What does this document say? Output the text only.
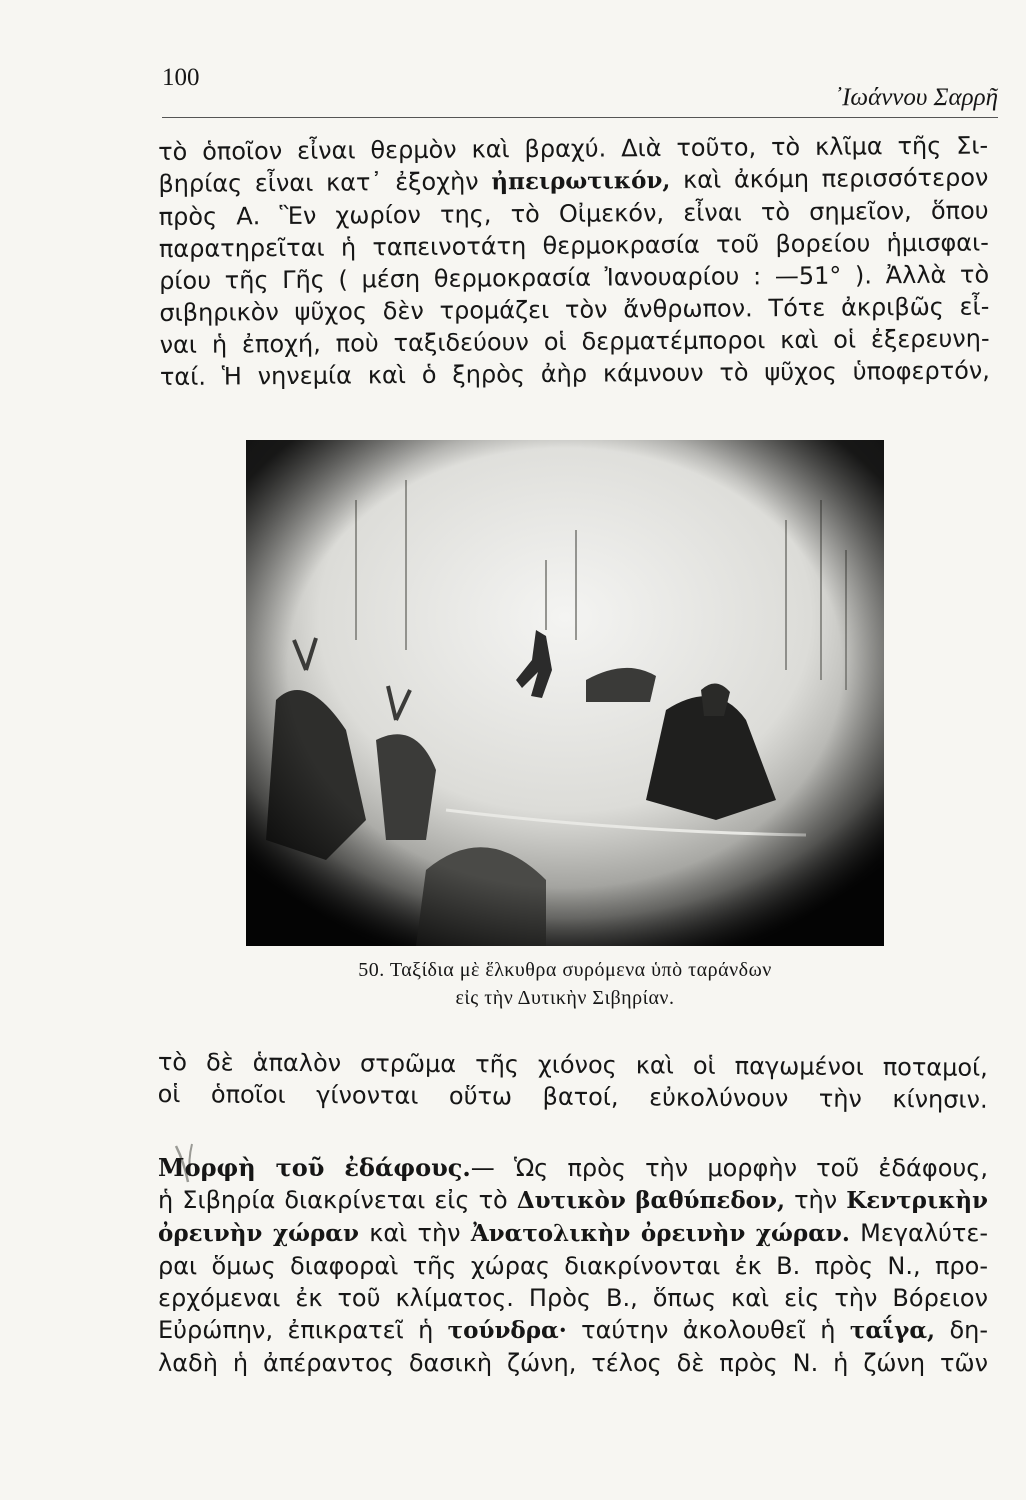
100
᾽Ιωάννου Σαρρῆ
τὸ ὁποῖον εἶναι θερμὸν καὶ βραχύ. Διὰ τοῦτο, τὸ κλῖμα τῆς Σι-
βηρίας εἶναι κατ᾽ ἐξοχὴν ἠπειρωτικόν, καὶ ἀκόμη περισσότερον
πρὸς Α. Ἓν χωρίον της, τὸ Οἰμεκόν, εἶναι τὸ σημεῖον, ὅπου
παρατηρεῖται ἡ ταπεινοτάτη θερμοκρασία τοῦ βορείου ἡμισφαι-
ρίου τῆς Γῆς ( μέση θερμοκρασία Ἰανουαρίου : —51° ). Ἀλλὰ τὸ
σιβηρικὸν ψῦχος δὲν τρομάζει τὸν ἄνθρωπον. Τότε ἀκριβῶς εἶ-
ναι ἡ ἐποχή, ποὺ ταξιδεύουν οἱ δερματέμποροι καὶ οἱ ἐξερευνη-
ταί. Ἡ νηνεμία καὶ ὁ ξηρὸς ἀὴρ κάμνουν τὸ ψῦχος ὑποφερτόν,
50. Ταξίδια μὲ ἕλκυθρα συρόμενα ὑπὸ ταράνδων
εἰς τὴν Δυτικὴν Σιβηρίαν.
τὸ δὲ ἁπαλὸν στρῶμα τῆς χιόνος καὶ οἱ παγωμένοι ποταμοί,
οἱ ὁποῖοι γίνονται οὕτω βατοί, εὐκολύνουν τὴν κίνησιν.
Μορφὴ τοῦ ἐδάφους.— Ὡς πρὸς τὴν μορφὴν τοῦ ἐδάφους,
ἡ Σιβηρία διακρίνεται εἰς τὸ Δυτικὸν βαθύπεδον, τὴν Κεντρικὴν
ὀρεινὴν χώραν καὶ τὴν Ἀνατολικὴν ὀρεινὴν χώραν. Μεγαλύτε-
ραι ὅμως διαφοραὶ τῆς χώρας διακρίνονται ἐκ Β. πρὸς Ν., προ-
ερχόμεναι ἐκ τοῦ κλίματος. Πρὸς Β., ὅπως καὶ εἰς τὴν Βόρειον
Εὐρώπην, ἐπικρατεῖ ἡ τούνδρα· ταύτην ἀκολουθεῖ ἡ ταΐγα, δη-
λαδὴ ἡ ἀπέραντος δασικὴ ζώνη, τέλος δὲ πρὸς Ν. ἡ ζώνη τῶν
